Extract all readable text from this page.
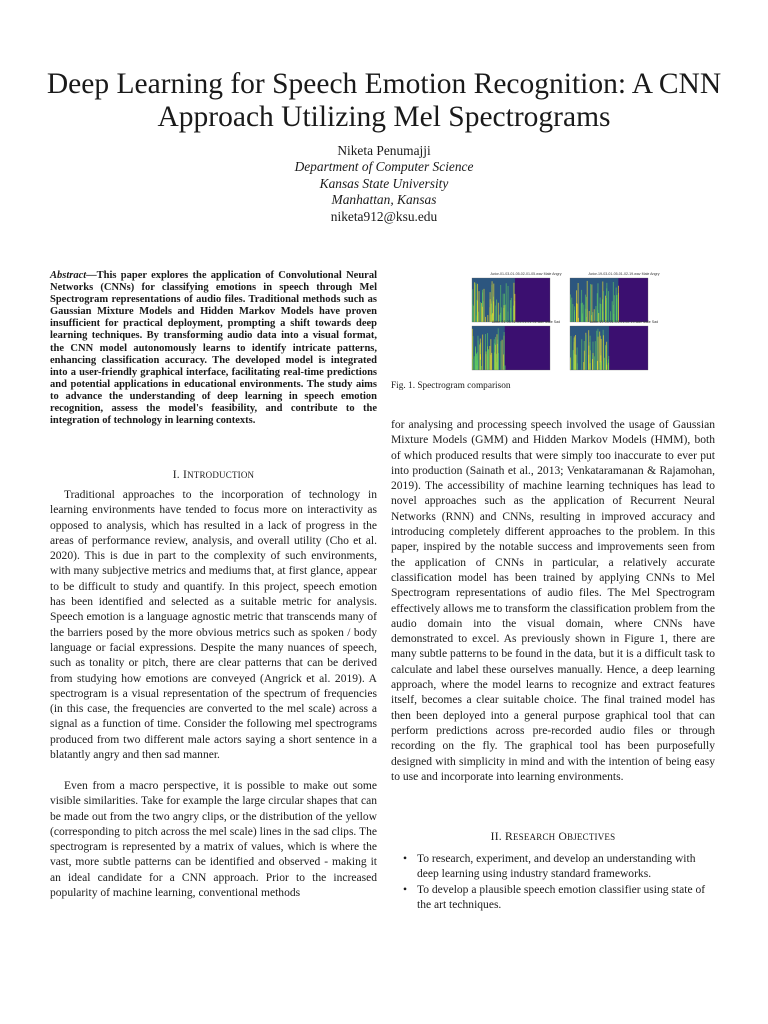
Deep Learning for Speech Emotion Recognition: A CNN Approach Utilizing Mel Spectrograms
Niketa Penumajji
Department of Computer Science
Kansas State University
Manhattan, Kansas
niketa912@ksu.edu

Abstract—This paper explores the application of Convolutional Neural Networks (CNNs) for classifying emotions in speech through Mel Spectrogram representations of audio files. Traditional methods such as Gaussian Mixture Models and Hidden Markov Models have proven insufficient for practical deployment, prompting a shift towards deep learning techniques. By transforming audio data into a visual format, the CNN model autonomously learns to identify intricate patterns, enhancing classification accuracy. The developed model is integrated into a user-friendly graphical interface, facilitating real-time predictions and potential applications in educational environments. The study aims to advance the understanding of deep learning in speech emotion recognition, assess the model's feasibility, and contribute to the integration of technology in learning contexts.

I. INTRODUCTION

Traditional approaches to the incorporation of technology in learning environments have tended to focus more on interactivity as opposed to analysis, which has resulted in a lack of progress in the areas of performance review, analysis, and overall utility (Cho et al. 2020). This is due in part to the complexity of such environments, with many subjective metrics and mediums that, at first glance, appear to be difficult to study and quantify. In this project, speech emotion has been identified and selected as a suitable metric for analysis. Speech emotion is a language agnostic metric that transcends many of the barriers posed by the more obvious metrics such as spoken / body language or facial expressions. Despite the many nuances of speech, such as tonality or pitch, there are clear patterns that can be derived from studying how emotions are conveyed (Angrick et al. 2019). A spectrogram is a visual representation of the spectrum of frequencies (in this case, the frequencies are converted to the mel scale) across a signal as a function of time. Consider the following mel spectrograms produced from two different male actors saying a short sentence in a blatantly angry and then sad manner.

Even from a macro perspective, it is possible to make out some visible similarities. Take for example the large circular shapes that can be made out from the two angry clips, or the distribution of the yellow (corresponding to pitch across the mel scale) lines in the sad clips. The spectrogram is represented by a matrix of values, which is where the vast, more subtle patterns can be identified and observed - making it an ideal candidate for a CNN approach. Prior to the increased popularity of machine learning, conventional methods

Actor-01-03-01-05-02-01-05.wav Male Angry	Actor-19-03-01-05-01-02-19.wav Male Angry
Actor-01-03-01-04-01-01-01.wav Male Sad	Actor-19-03-01-04-01-02-19.wav Male Sad

Fig. 1. Spectrogram comparison

for analysing and processing speech involved the usage of Gaussian Mixture Models (GMM) and Hidden Markov Models (HMM), both of which produced results that were simply too inaccurate to ever put into production (Sainath et al., 2013; Venkataramanan & Rajamohan, 2019). The accessibility of machine learning techniques has lead to novel approaches such as the application of Recurrent Neural Networks (RNN) and CNNs, resulting in improved accuracy and introducing completely different approaches to the problem. In this paper, inspired by the notable success and improvements seen from the application of CNNs in particular, a relatively accurate classification model has been trained by applying CNNs to Mel Spectrogram representations of audio files. The Mel Spectrogram effectively allows me to transform the classification problem from the audio domain into the visual domain, where CNNs have demonstrated to excel. As previously shown in Figure 1, there are many subtle patterns to be found in the data, but it is a difficult task to calculate and label these ourselves manually. Hence, a deep learning approach, where the model learns to recognize and extract features itself, becomes a clear suitable choice. The final trained model has then been deployed into a general purpose graphical tool that can perform predictions across pre-recorded audio files or through recording on the fly. The graphical tool has been purposefully designed with simplicity in mind and with the intention of being easy to use and incorporate into learning environments.

II. RESEARCH OBJECTIVES
• To research, experiment, and develop an understanding with deep learning using industry standard frameworks.
• To develop a plausible speech emotion classifier using state of the art techniques.
